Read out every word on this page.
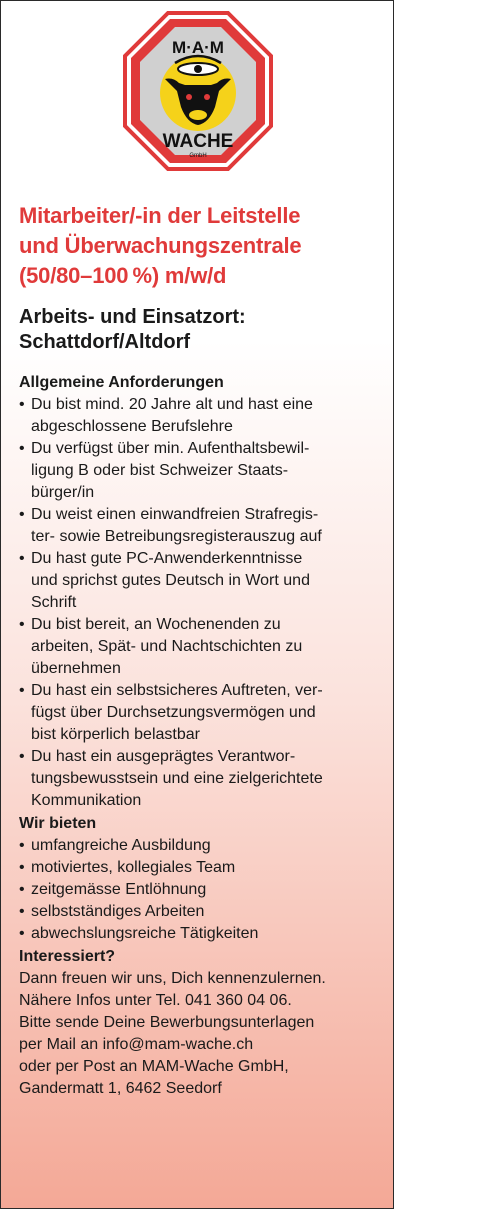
M·A·M
WACHE
GmbH
Mitarbeiter/-in der Leitstelle
und Überwachungszentrale
(50/80–100 %) m/w/d
Arbeits- und Einsatzort:
Schattdorf/Altdorf
Allgemeine Anforderungen
• Du bist mind. 20 Jahre alt und hast eine
abgeschlossene Berufslehre
• Du verfügst über min. Aufenthaltsbewil-
ligung B oder bist Schweizer Staats-
bürger/in
• Du weist einen einwandfreien Strafregis-
ter- sowie Betreibungsregisterauszug auf
• Du hast gute PC-Anwenderkenntnisse
und sprichst gutes Deutsch in Wort und
Schrift
• Du bist bereit, an Wochenenden zu
arbeiten, Spät- und Nachtschichten zu
übernehmen
• Du hast ein selbstsicheres Auftreten, ver-
fügst über Durchsetzungsvermögen und
bist körperlich belastbar
• Du hast ein ausgeprägtes Verantwor-
tungsbewusstsein und eine zielgerichtete
Kommunikation
Wir bieten
• umfangreiche Ausbildung
• motiviertes, kollegiales Team
• zeitgemässe Entlöhnung
• selbstständiges Arbeiten
• abwechslungsreiche Tätigkeiten
Interessiert?

Dann freuen wir uns, Dich kennenzulernen.

Nähere Infos unter Tel. 041 360 04 06.

Bitte sende Deine Bewerbungsunterlagen

per Mail an info@mam-wache.ch

oder per Post an MAM-Wache GmbH,

Gandermatt 1, 6462 Seedorf
